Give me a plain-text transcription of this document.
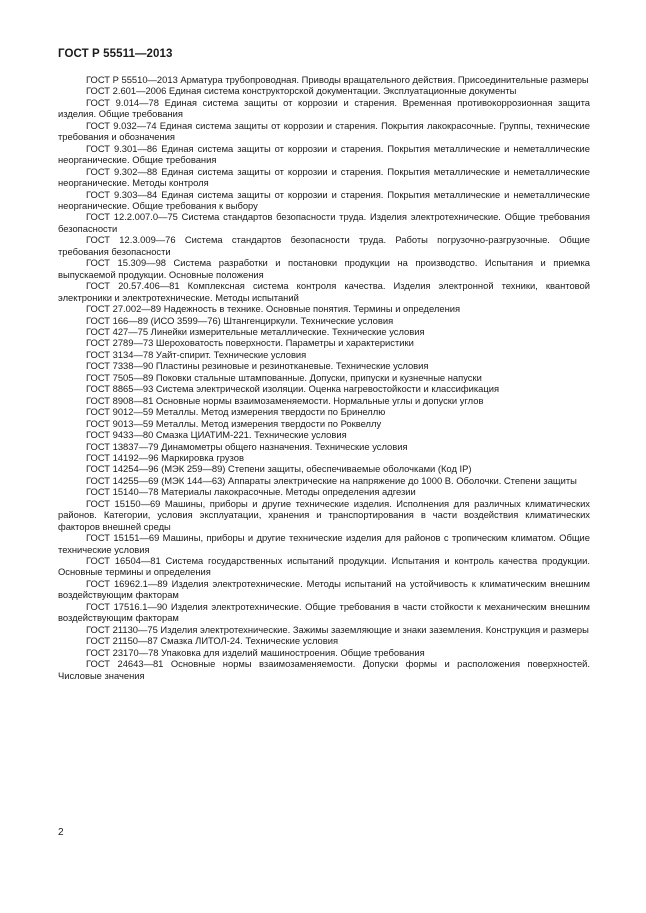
ГОСТ Р 55511—2013

ГОСТ Р 55510—2013 Арматура трубопроводная. Приводы вращательного действия. Присоединительные размеры

ГОСТ 2.601—2006 Единая система конструкторской документации. Эксплуатационные документы

ГОСТ 9.014—78 Единая система защиты от коррозии и старения. Временная противокоррозионная защита изделия. Общие требования

ГОСТ 9.032—74 Единая система защиты от коррозии и старения. Покрытия лакокрасочные. Группы, технические требования и обозначения

ГОСТ 9.301—86 Единая система защиты от коррозии и старения. Покрытия металлические и неметаллические неорганические. Общие требования

ГОСТ 9.302—88 Единая система защиты от коррозии и старения. Покрытия металлические и неметаллические неорганические. Методы контроля

ГОСТ 9.303—84 Единая система защиты от коррозии и старения. Покрытия металлические и неметаллические неорганические. Общие требования к выбору

ГОСТ 12.2.007.0—75 Система стандартов безопасности труда. Изделия электротехнические. Общие требования безопасности

ГОСТ 12.3.009—76 Система стандартов безопасности труда. Работы погрузочно-разгрузочные. Общие требования безопасности

ГОСТ 15.309—98 Система разработки и постановки продукции на производство. Испытания и приемка выпускаемой продукции. Основные положения

ГОСТ 20.57.406—81 Комплексная система контроля качества. Изделия электронной техники, квантовой электроники и электротехнические. Методы испытаний

ГОСТ 27.002—89 Надежность в технике. Основные понятия. Термины и определения

ГОСТ 166—89 (ИСО 3599—76) Штангенциркули. Технические условия

ГОСТ 427—75 Линейки измерительные металлические. Технические условия

ГОСТ 2789—73 Шероховатость поверхности. Параметры и характеристики

ГОСТ 3134—78 Уайт-спирит. Технические условия

ГОСТ 7338—90 Пластины резиновые и резинотканевые. Технические условия

ГОСТ 7505—89 Поковки стальные штампованные. Допуски, припуски и кузнечные напуски

ГОСТ 8865—93 Система электрической изоляции. Оценка нагревостойкости и классификация

ГОСТ 8908—81 Основные нормы взаимозаменяемости. Нормальные углы и допуски углов

ГОСТ 9012—59 Металлы. Метод измерения твердости по Бринеллю

ГОСТ 9013—59 Металлы. Метод измерения твердости по Роквеллу

ГОСТ 9433—80 Смазка ЦИАТИМ-221. Технические условия

ГОСТ 13837—79 Динамометры общего назначения. Технические условия

ГОСТ 14192—96 Маркировка грузов

ГОСТ 14254—96 (МЭК 259—89) Степени защиты, обеспечиваемые оболочками (Код IP)

ГОСТ 14255—69 (МЭК 144—63) Аппараты электрические на напряжение до 1000 В. Оболочки. Степени защиты

ГОСТ 15140—78 Материалы лакокрасочные. Методы определения адгезии

ГОСТ 15150—69 Машины, приборы и другие технические изделия. Исполнения для различных климатических районов. Категории, условия эксплуатации, хранения и транспортирования в части воздействия климатических факторов внешней среды

ГОСТ 15151—69 Машины, приборы и другие технические изделия для районов с тропическим климатом. Общие технические условия

ГОСТ 16504—81 Система государственных испытаний продукции. Испытания и контроль качества продукции. Основные термины и определения

ГОСТ 16962.1—89 Изделия электротехнические. Методы испытаний на устойчивость к климатическим внешним воздействующим факторам

ГОСТ 17516.1—90 Изделия электротехнические. Общие требования в части стойкости к механическим внешним воздействующим факторам

ГОСТ 21130—75 Изделия электротехнические. Зажимы заземляющие и знаки заземления. Конструкция и размеры

ГОСТ 21150—87 Смазка ЛИТОЛ-24. Технические условия

ГОСТ 23170—78 Упаковка для изделий машиностроения. Общие требования

ГОСТ 24643—81 Основные нормы взаимозаменяемости. Допуски формы и расположения поверхностей. Числовые значения

2
